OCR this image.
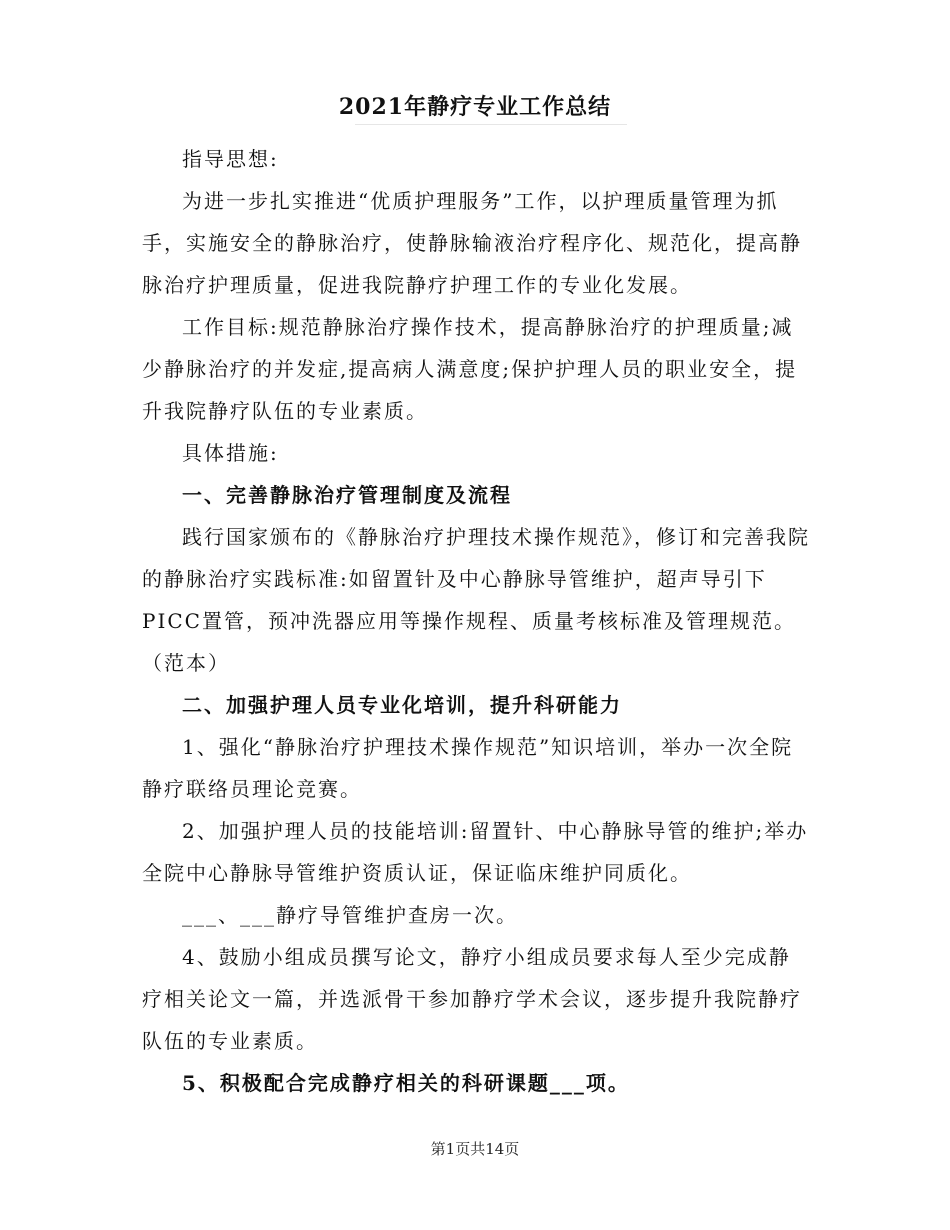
2021年静疗专业工作总结

指导思想:

为进一步扎实推进“优质护理服务”工作，以护理质量管理为抓手，实施安全的静脉治疗，使静脉输液治疗程序化、规范化，提高静脉治疗护理质量，促进我院静疗护理工作的专业化发展。

工作目标:规范静脉治疗操作技术，提高静脉治疗的护理质量;减少静脉治疗的并发症,提高病人满意度;保护护理人员的职业安全，提升我院静疗队伍的专业素质。

具体措施:

一、完善静脉治疗管理制度及流程

践行国家颁布的《静脉治疗护理技术操作规范》，修订和完善我院的静脉治疗实践标准:如留置针及中心静脉导管维护，超声导引下PICC置管，预冲洗器应用等操作规程、质量考核标准及管理规范。

（范本）

二、加强护理人员专业化培训，提升科研能力

1、强化“静脉治疗护理技术操作规范”知识培训，举办一次全院静疗联络员理论竞赛。

2、加强护理人员的技能培训:留置针、中心静脉导管的维护;举办全院中心静脉导管维护资质认证，保证临床维护同质化。

___、___静疗导管维护查房一次。

4、鼓励小组成员撰写论文，静疗小组成员要求每人至少完成静疗相关论文一篇，并选派骨干参加静疗学术会议，逐步提升我院静疗队伍的专业素质。

5、积极配合完成静疗相关的科研课题___项。

第1页共14页
